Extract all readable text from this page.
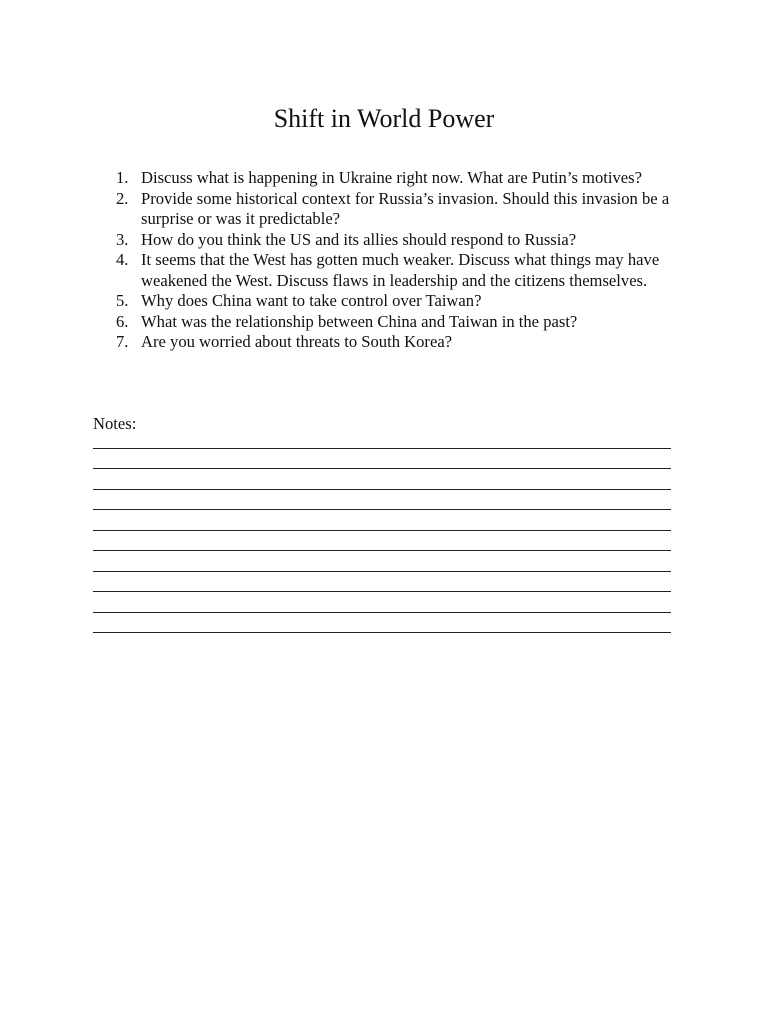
Shift in World Power
1. Discuss what is happening in Ukraine right now. What are Putin’s motives?
2. Provide some historical context for Russia’s invasion. Should this invasion be a surprise or was it predictable?
3. How do you think the US and its allies should respond to Russia?
4. It seems that the West has gotten much weaker. Discuss what things may have weakened the West. Discuss flaws in leadership and the citizens themselves.
5. Why does China want to take control over Taiwan?
6. What was the relationship between China and Taiwan in the past?
7. Are you worried about threats to South Korea?

Notes:
